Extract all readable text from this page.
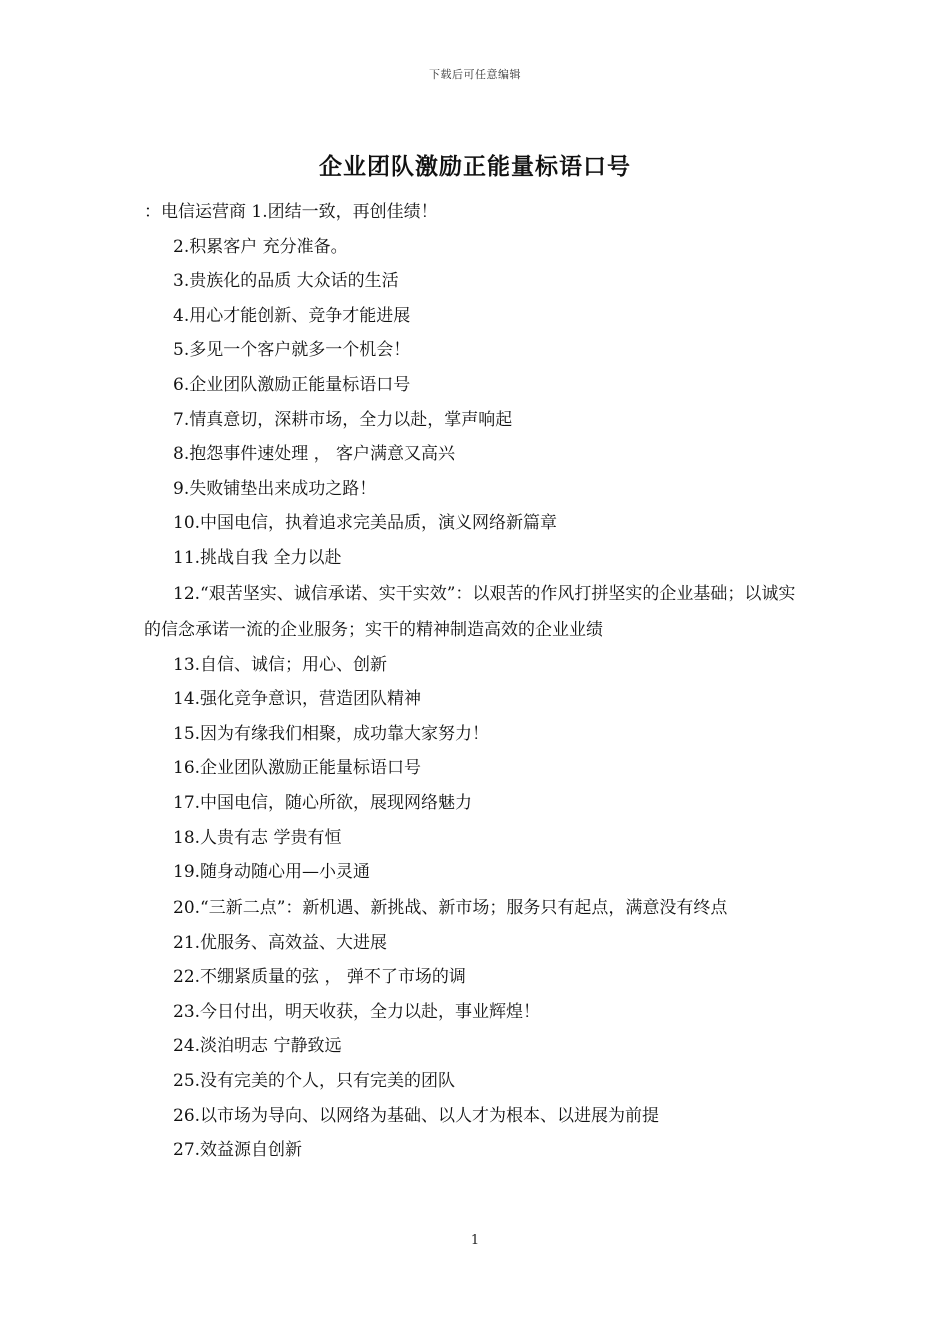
下载后可任意编辑
企业团队激励正能量标语口号

：电信运营商 1.团结一致，再创佳绩！

2.积累客户 充分准备。

3.贵族化的品质 大众话的生活

4.用心才能创新、竞争才能进展

5.多见一个客户就多一个机会！

6.企业团队激励正能量标语口号

7.情真意切，深耕市场，全力以赴，掌声响起

8.抱怨事件速处理 ， 客户满意又高兴

9.失败铺垫出来成功之路！

10.中国电信，执着追求完美品质，演义网络新篇章

11.挑战自我 全力以赴

12.“艰苦坚实、诚信承诺、实干实效”：以艰苦的作风打拼坚实的企业基础；以诚实的信念承诺一流的企业服务；实干的精神制造高效的企业业绩

13.自信、诚信；用心、创新

14.强化竞争意识，营造团队精神

15.因为有缘我们相聚，成功靠大家努力！

16.企业团队激励正能量标语口号

17.中国电信，随心所欲，展现网络魅力

18.人贵有志 学贵有恒

19.随身动随心用—小灵通

20.“三新二点”：新机遇、新挑战、新市场；服务只有起点，满意没有终点

21.优服务、高效益、大进展

22.不绷紧质量的弦 ， 弹不了市场的调

23.今日付出，明天收获，全力以赴，事业辉煌！

24.淡泊明志 宁静致远

25.没有完美的个人，只有完美的团队

26.以市场为导向、以网络为基础、以人才为根本、以进展为前提

27.效益源自创新

1
